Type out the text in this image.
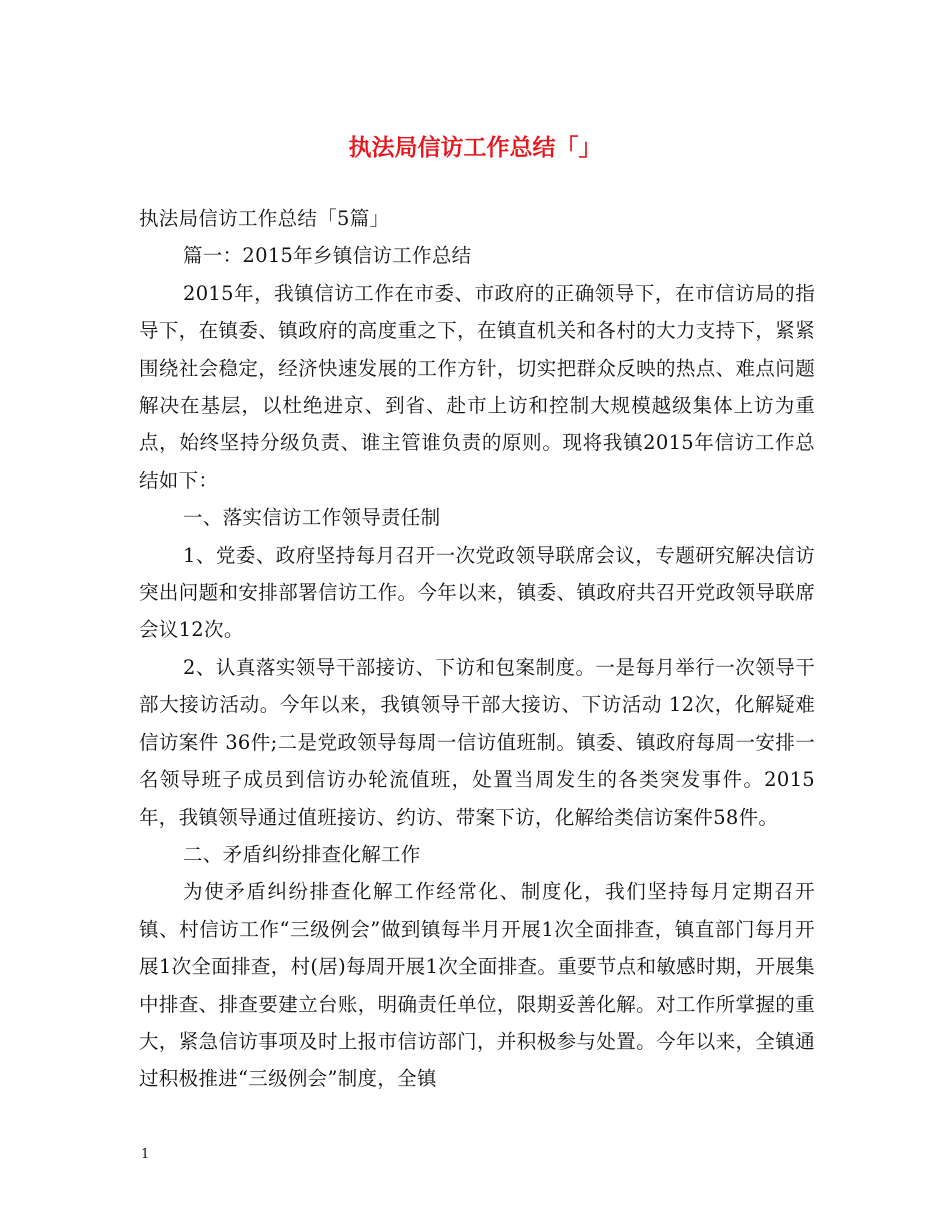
执法局信访工作总结「」

执法局信访工作总结「5篇」

篇一：2015年乡镇信访工作总结

2015年，我镇信访工作在市委、市政府的正确领导下，在市信访局的指导下，在镇委、镇政府的高度重之下，在镇直机关和各村的大力支持下，紧紧围绕社会稳定，经济快速发展的工作方针，切实把群众反映的热点、难点问题解决在基层，以杜绝进京、到省、赴市上访和控制大规模越级集体上访为重点，始终坚持分级负责、谁主管谁负责的原则。现将我镇2015年信访工作总结如下：

一、落实信访工作领导责任制

1、党委、政府坚持每月召开一次党政领导联席会议，专题研究解决信访突出问题和安排部署信访工作。今年以来，镇委、镇政府共召开党政领导联席会议12次。

2、认真落实领导干部接访、下访和包案制度。一是每月举行一次领导干部大接访活动。今年以来，我镇领导干部大接访、下访活动 12次，化解疑难信访案件 36件;二是党政领导每周一信访值班制。镇委、镇政府每周一安排一名领导班子成员到信访办轮流值班，处置当周发生的各类突发事件。2015年，我镇领导通过值班接访、约访、带案下访，化解给类信访案件58件。

二、矛盾纠纷排查化解工作

为使矛盾纠纷排查化解工作经常化、制度化，我们坚持每月定期召开镇、村信访工作“三级例会”做到镇每半月开展1次全面排查，镇直部门每月开展1次全面排查，村(居)每周开展1次全面排查。重要节点和敏感时期，开展集中排查、排查要建立台账，明确责任单位，限期妥善化解。对工作所掌握的重大，紧急信访事项及时上报市信访部门，并积极参与处置。今年以来，全镇通过积极推进“三级例会”制度，全镇

1
